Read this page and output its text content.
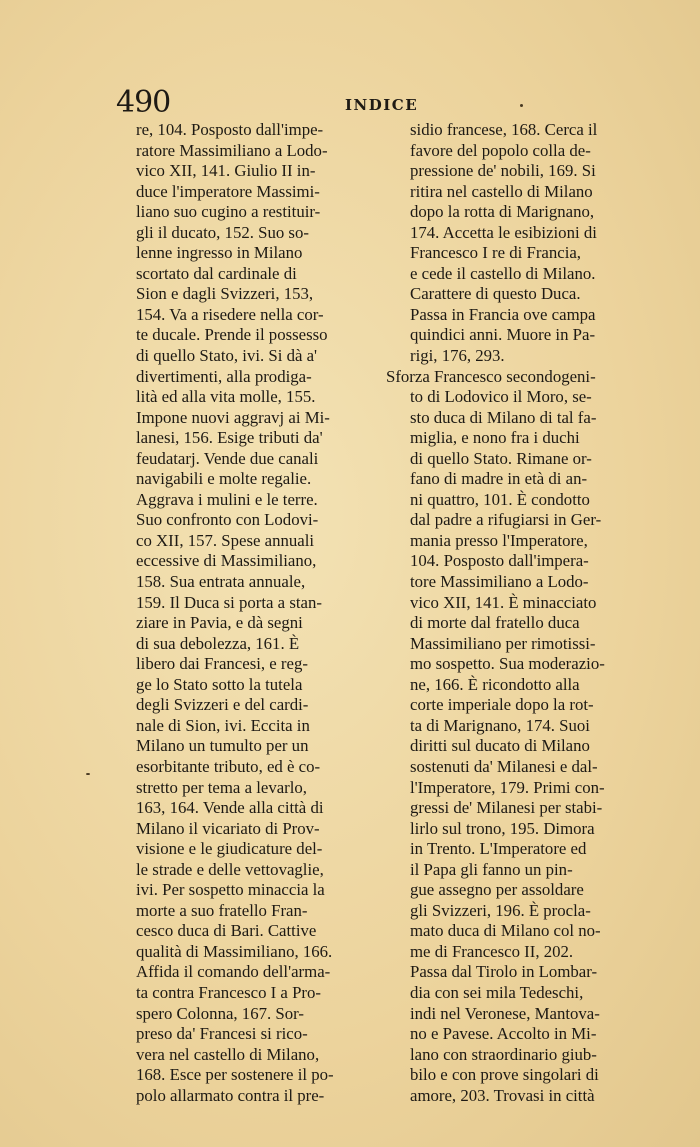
490	INDICE
re, 104. Posposto dall'impe-
ratore Massimiliano a Lodo-
vico XII, 141. Giulio II in-
duce l'imperatore Massimi-
liano suo cugino a restituir-
gli il ducato, 152. Suo so-
lenne ingresso in Milano
scortato dal cardinale di
Sion e dagli Svizzeri, 153,
154. Va a risedere nella cor-
te ducale. Prende il possesso
di quello Stato, ivi. Si dà a'
divertimenti, alla prodiga-
lità ed alla vita molle, 155.
Impone nuovi aggravj ai Mi-
lanesi, 156. Esige tributi da'
feudatarj. Vende due canali
navigabili e molte regalie.
Aggrava i mulini e le terre.
Suo confronto con Lodovi-
co XII, 157. Spese annuali
eccessive di Massimiliano,
158. Sua entrata annuale,
159. Il Duca si porta a stan-
ziare in Pavia, e dà segni
di sua debolezza, 161. È
libero dai Francesi, e reg-
ge lo Stato sotto la tutela
degli Svizzeri e del cardi-
nale di Sion, ivi. Eccita in
Milano un tumulto per un
esorbitante tributo, ed è co-
stretto per tema a levarlo,
163, 164. Vende alla città di
Milano il vicariato di Prov-
visione e le giudicature del-
le strade e delle vettovaglie,
ivi. Per sospetto minaccia la
morte a suo fratello Fran-
cesco duca di Bari. Cattive
qualità di Massimiliano, 166.
Affida il comando dell'arma-
ta contra Francesco I a Pro-
spero Colonna, 167. Sor-
preso da' Francesi si rico-
vera nel castello di Milano,
168. Esce per sostenere il po-
polo allarmato contra il pre-
sidio francese, 168. Cerca il
favore del popolo colla de-
pressione de' nobili, 169. Si
ritira nel castello di Milano
dopo la rotta di Marignano,
174. Accetta le esibizioni di
Francesco I re di Francia,
e cede il castello di Milano.
Carattere di questo Duca.
Passa in Francia ove campa
quindici anni. Muore in Pa-
rigi, 176, 293.
Sforza Francesco secondogeni-
to di Lodovico il Moro, se-
sto duca di Milano di tal fa-
miglia, e nono fra i duchi
di quello Stato. Rimane or-
fano di madre in età di an-
ni quattro, 101. È condotto
dal padre a rifugiarsi in Ger-
mania presso l'Imperatore,
104. Posposto dall'impera-
tore Massimiliano a Lodo-
vico XII, 141. È minacciato
di morte dal fratello duca
Massimiliano per rimotissi-
mo sospetto. Sua moderazio-
ne, 166. È ricondotto alla
corte imperiale dopo la rot-
ta di Marignano, 174. Suoi
diritti sul ducato di Milano
sostenuti da' Milanesi e dal-
l'Imperatore, 179. Primi con-
gressi de' Milanesi per stabi-
lirlo sul trono, 195. Dimora
in Trento. L'Imperatore ed
il Papa gli fanno un pin-
gue assegno per assoldare
gli Svizzeri, 196. È procla-
mato duca di Milano col no-
me di Francesco II, 202.
Passa dal Tirolo in Lombar-
dia con sei mila Tedeschi,
indi nel Veronese, Mantova-
no e Pavese. Accolto in Mi-
lano con straordinario giub-
bilo e con prove singolari di
amore, 203. Trovasi in città
